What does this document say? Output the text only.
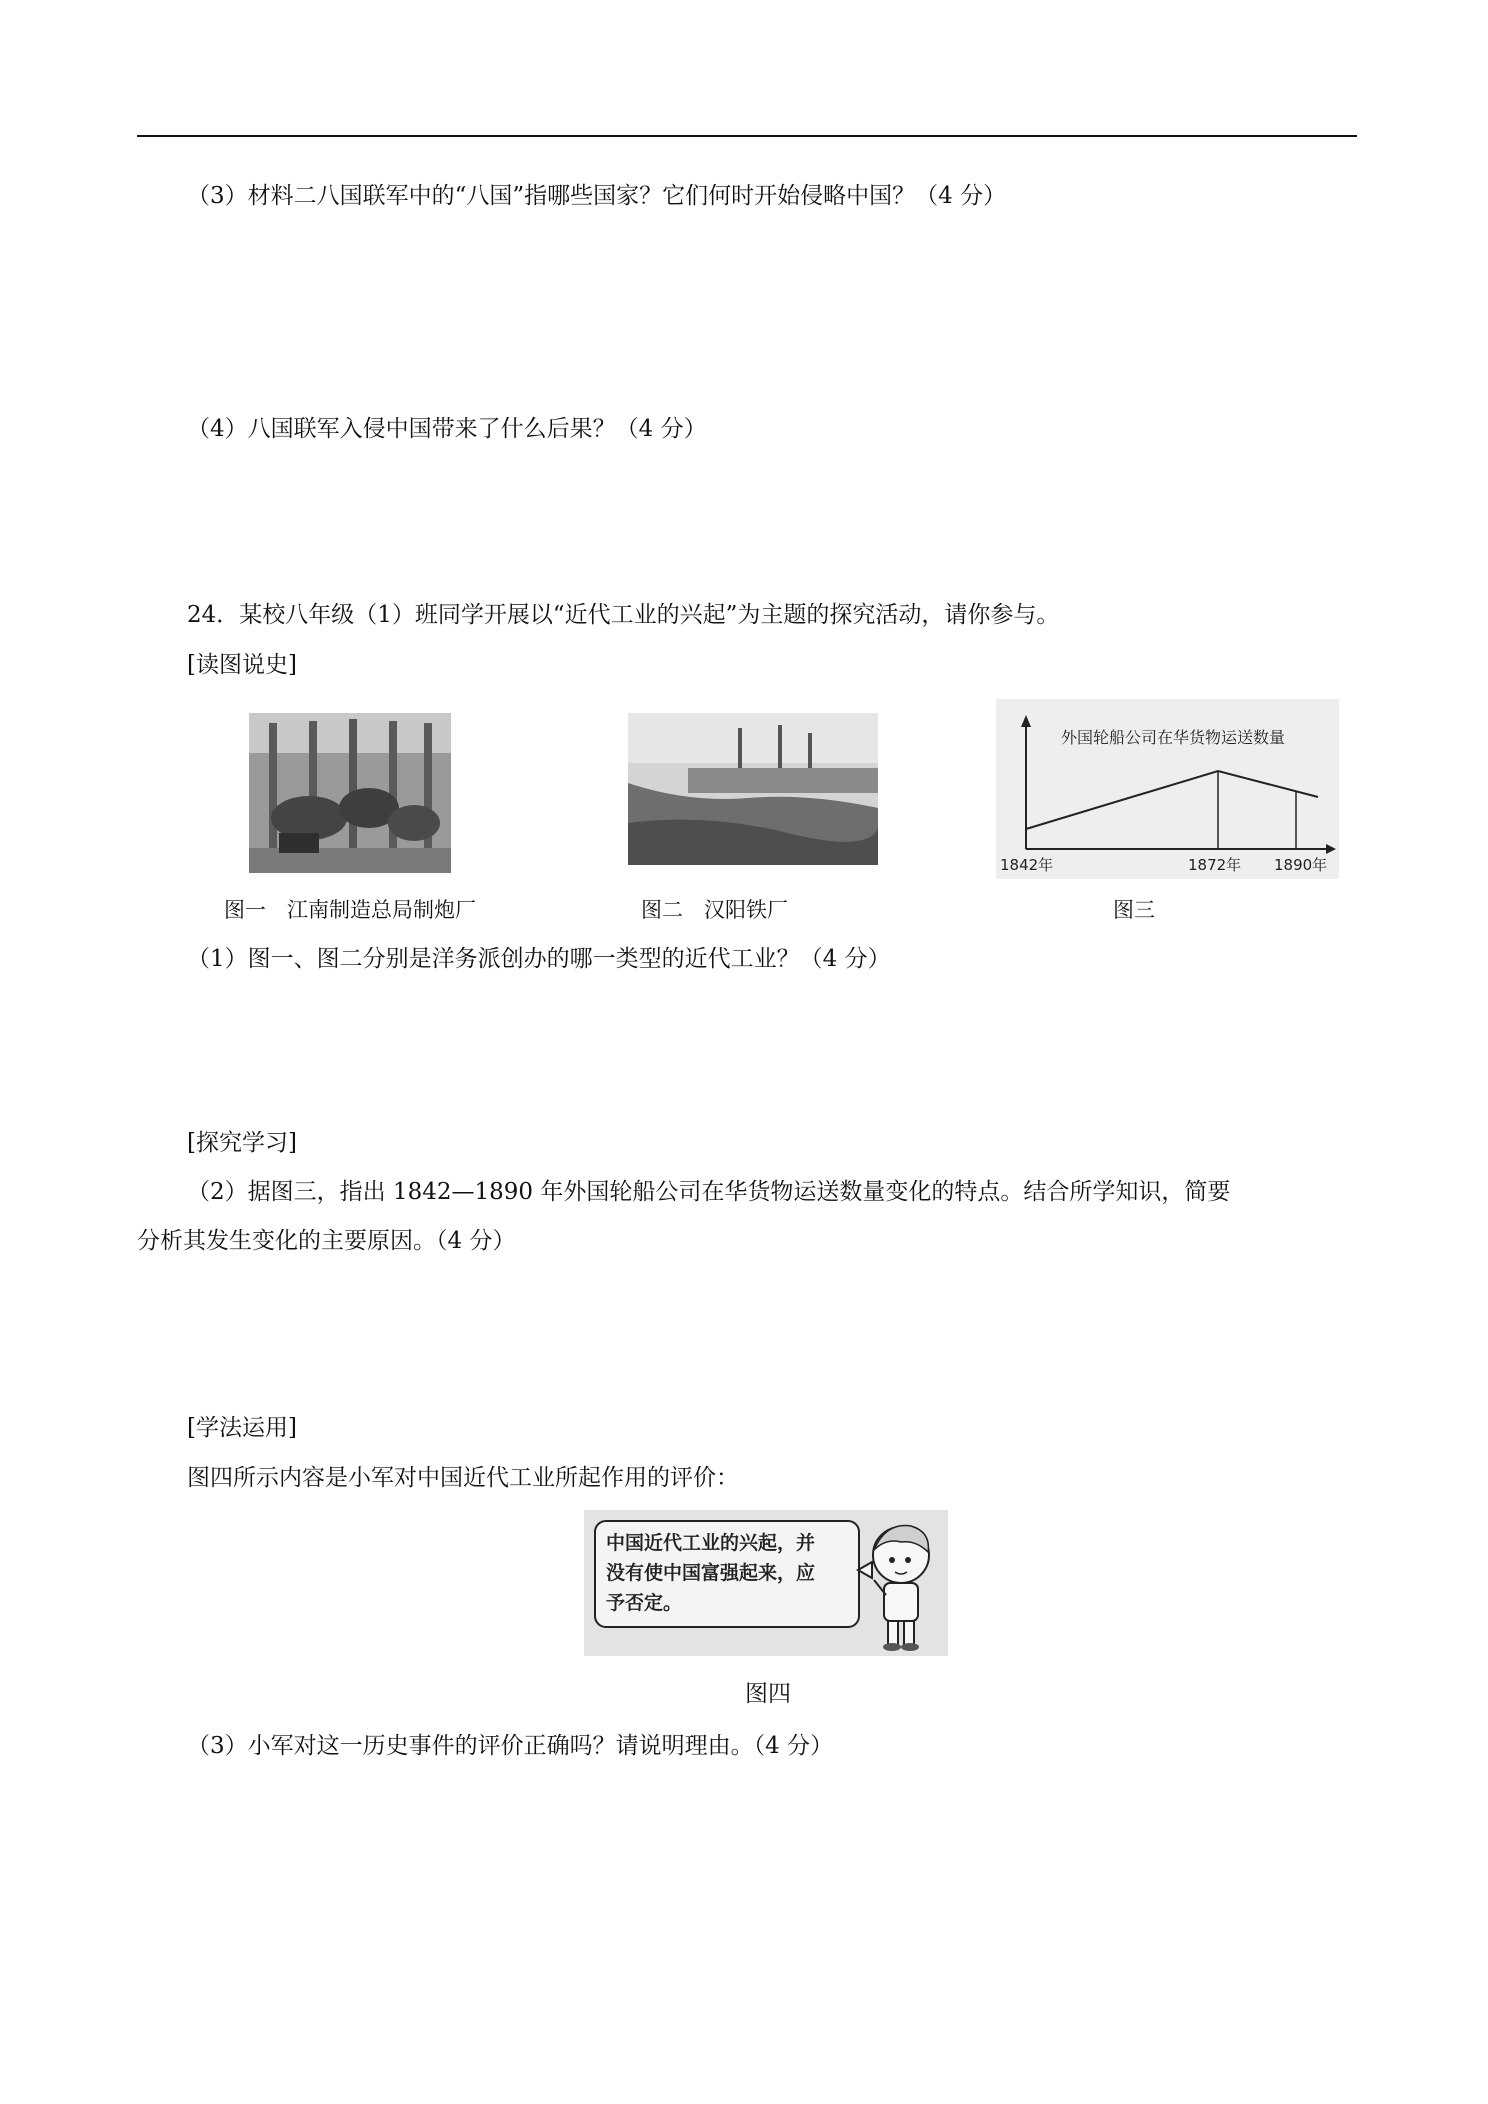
（3）材料二八国联军中的“八国”指哪些国家？它们何时开始侵略中国？（4 分）
（4）八国联军入侵中国带来了什么后果？（4 分）
24．某校八年级（1）班同学开展以“近代工业的兴起”为主题的探究活动，请你参与。
[读图说史]
外国轮船公司在华货物运送数量
1842年	1872年 1890年
图一　江南制造总局制炮厂	图二　汉阳铁厂	图三
（1）图一、图二分别是洋务派创办的哪一类型的近代工业？（4 分）
[探究学习]
（2）据图三，指出 1842—1890 年外国轮船公司在华货物运送数量变化的特点。结合所学知识，简要
分析其发生变化的主要原因。（4 分）
[学法运用]
图四所示内容是小军对中国近代工业所起作用的评价：
中国近代工业的兴起，并
没有使中国富强起来，应
予否定。
图四
（3）小军对这一历史事件的评价正确吗？请说明理由。（4 分）
